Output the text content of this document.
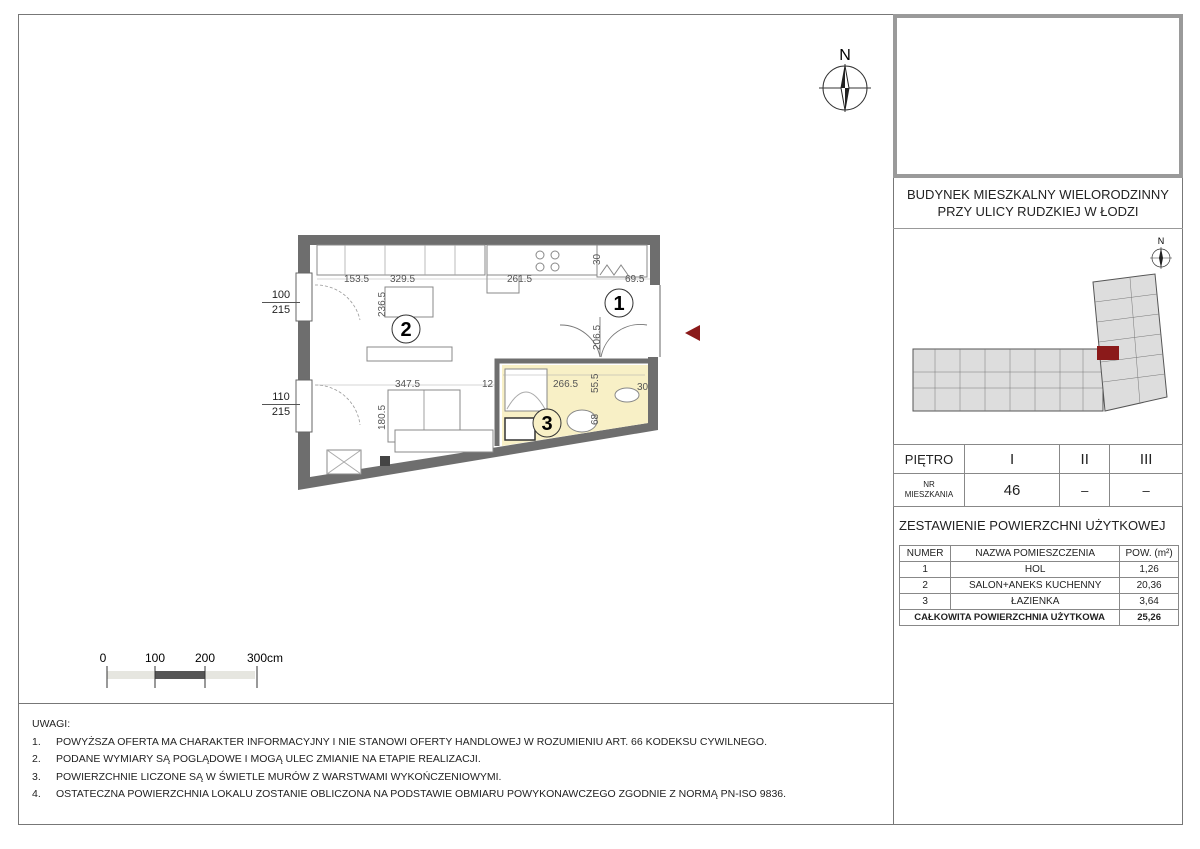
N
153.5 329.5	261.5	69.5
236.5
206.5
347.5	12	266.5 55.5	30
180.5	68
30
2
1
3
100
215
110
215
0	100 200	300cm
UWAGI:
1. POWYŻSZA OFERTA MA CHARAKTER INFORMACYJNY I NIE STANOWI OFERTY HANDLOWEJ W ROZUMIENIU ART. 66 KODEKSU CYWILNEGO.
2. PODANE WYMIARY SĄ POGLĄDOWE I MOGĄ ULEC ZMIANIE NA ETAPIE REALIZACJI.
3. POWIERZCHNIE LICZONE SĄ W ŚWIETLE MURÓW Z WARSTWAMI WYKOŃCZENIOWYMI.
4. OSTATECZNA POWIERZCHNIA LOKALU ZOSTANIE OBLICZONA NA PODSTAWIE OBMIARU POWYKONAWCZEGO ZGODNIE Z NORMĄ PN-ISO 9836.
BUDYNEK MIESZKALNY WIELORODZINNY
PRZY ULICY RUDZKIEJ W ŁODZI
N
PIĘTRO	I	II	III

NR
MIESZKANIA	46	–	–
ZESTAWIENIE POWIERZCHNI UŻYTKOWEJ
NUMER	NAZWA POMIESZCZENIA	POW. (m²)
1	HOL	1,26
2	SALON+ANEKS KUCHENNY	20,36
3	ŁAZIENKA	3,64
CAŁKOWITA POWIERZCHNIA UŻYTKOWA		25,26
